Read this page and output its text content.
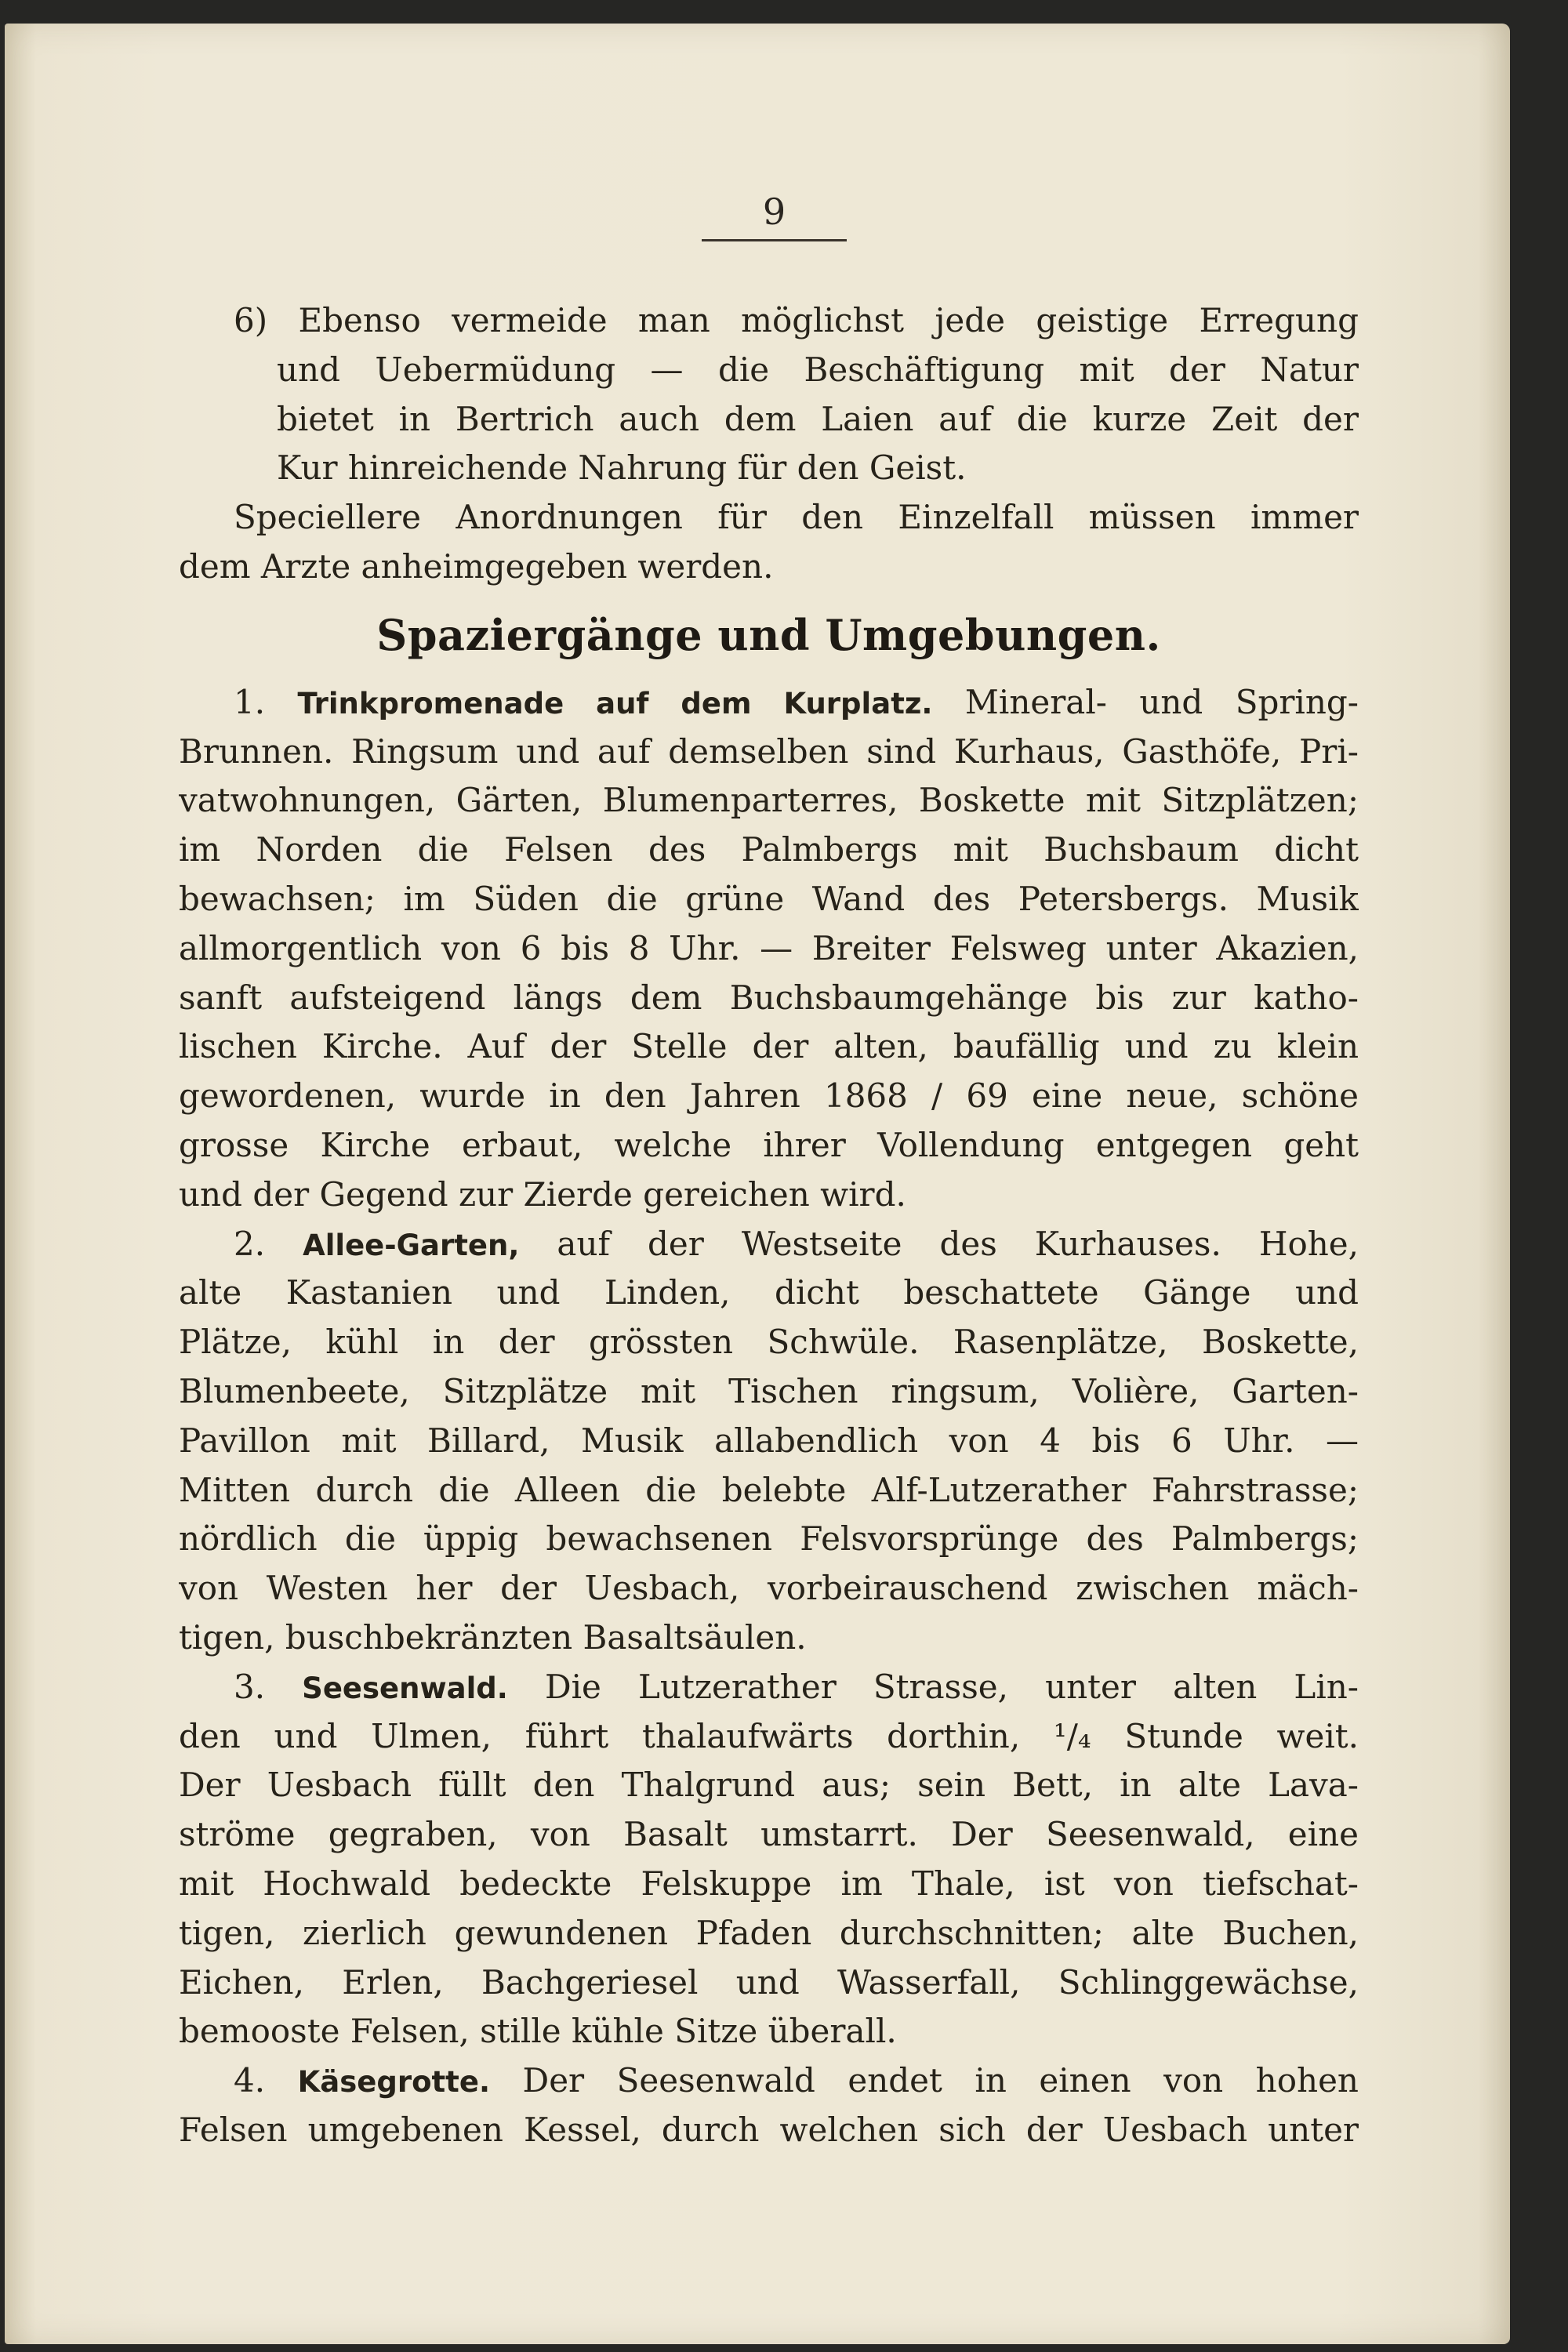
9
6) Ebenso vermeide man möglichst jede geistige Erregung
und Uebermüdung — die Beschäftigung mit der Natur
bietet in Bertrich auch dem Laien auf die kurze Zeit der
Kur hinreichende Nahrung für den Geist.
Speciellere Anordnungen für den Einzelfall müssen immer
dem Arzte anheimgegeben werden.
Spaziergänge und Umgebungen.
1. Trinkpromenade auf dem Kurplatz. Mineral- und Spring-
Brunnen. Ringsum und auf demselben sind Kurhaus, Gasthöfe, Pri-
vatwohnungen, Gärten, Blumenparterres, Boskette mit Sitzplätzen;
im Norden die Felsen des Palmbergs mit Buchsbaum dicht
bewachsen; im Süden die grüne Wand des Petersbergs. Musik
allmorgentlich von 6 bis 8 Uhr. — Breiter Felsweg unter Akazien,
sanft aufsteigend längs dem Buchsbaumgehänge bis zur katho-
lischen Kirche. Auf der Stelle der alten, baufällig und zu klein
gewordenen, wurde in den Jahren 1868 / 69 eine neue, schöne
grosse Kirche erbaut, welche ihrer Vollendung entgegen geht
und der Gegend zur Zierde gereichen wird.
2. Allee-Garten, auf der Westseite des Kurhauses. Hohe,
alte Kastanien und Linden, dicht beschattete Gänge und
Plätze, kühl in der grössten Schwüle. Rasenplätze, Boskette,
Blumenbeete, Sitzplätze mit Tischen ringsum, Volière, Garten-
Pavillon mit Billard, Musik allabendlich von 4 bis 6 Uhr. —
Mitten durch die Alleen die belebte Alf-Lutzerather Fahrstrasse;
nördlich die üppig bewachsenen Felsvorsprünge des Palmbergs;
von Westen her der Uesbach, vorbeirauschend zwischen mäch-
tigen, buschbekränzten Basaltsäulen.
3. Seesenwald. Die Lutzerather Strasse, unter alten Lin-
den und Ulmen, führt thalaufwärts dorthin, ¹/₄ Stunde weit.
Der Uesbach füllt den Thalgrund aus; sein Bett, in alte Lava-
ströme gegraben, von Basalt umstarrt. Der Seesenwald, eine
mit Hochwald bedeckte Felskuppe im Thale, ist von tiefschat-
tigen, zierlich gewundenen Pfaden durchschnitten; alte Buchen,
Eichen, Erlen, Bachgeriesel und Wasserfall, Schlinggewächse,
bemooste Felsen, stille kühle Sitze überall.
4. Käsegrotte. Der Seesenwald endet in einen von hohen
Felsen umgebenen Kessel, durch welchen sich der Uesbach unter
